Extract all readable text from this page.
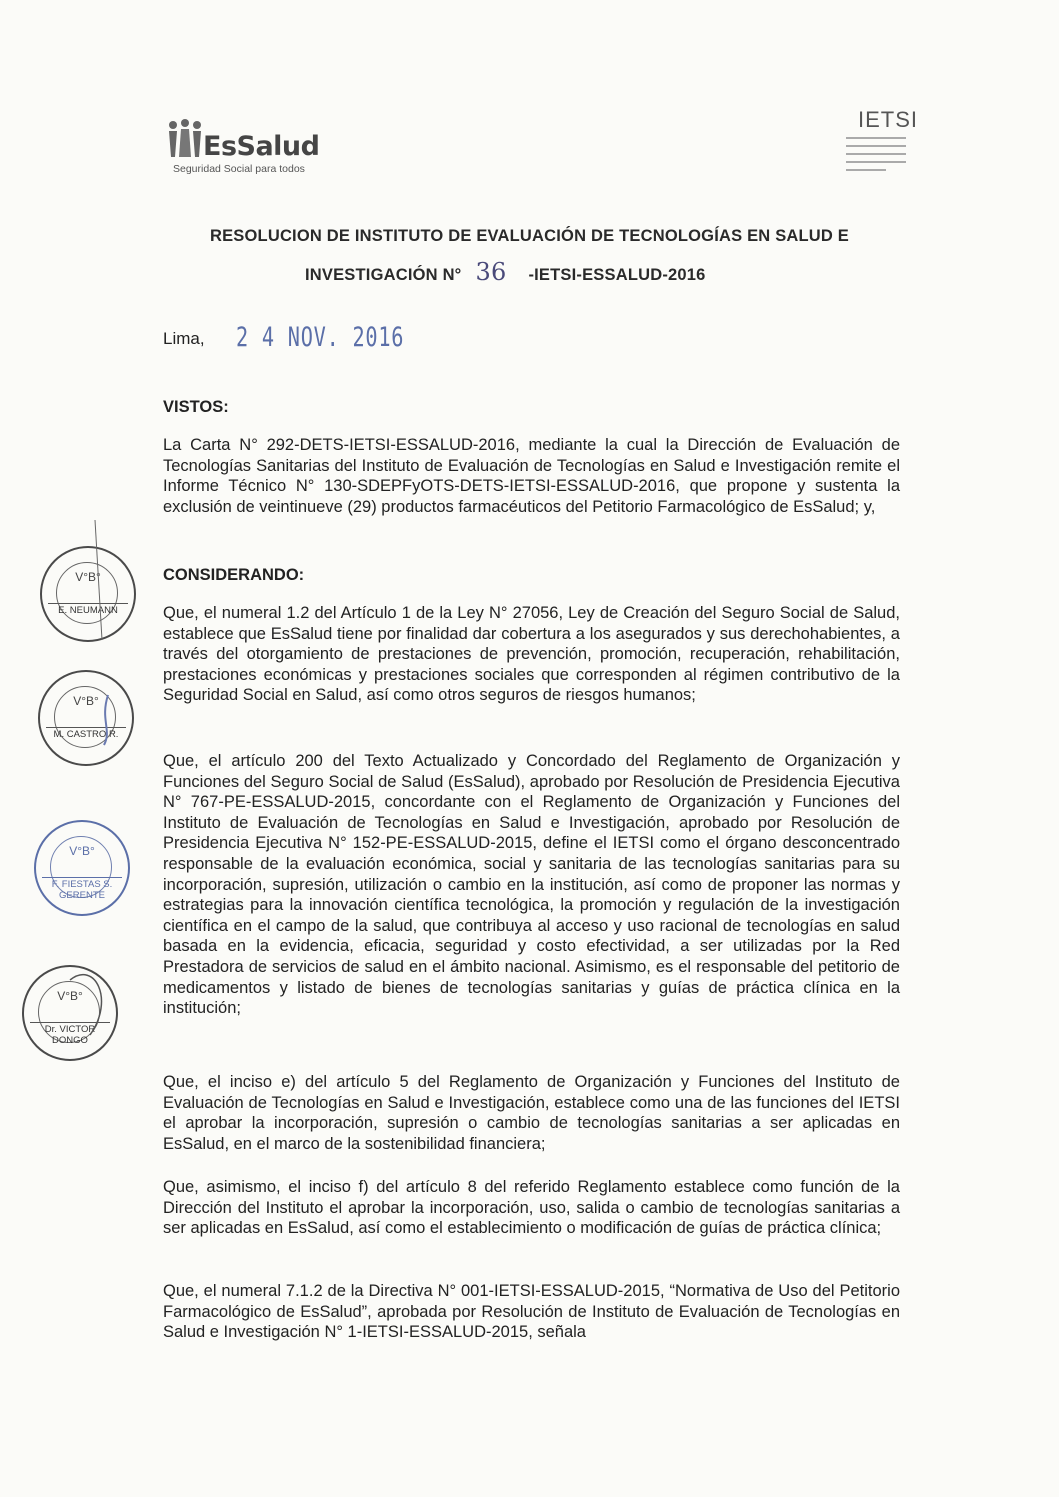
EsSalud
Seguridad Social para todos
IETSI
RESOLUCION DE INSTITUTO DE EVALUACIÓN DE TECNOLOGÍAS EN SALUD E
INVESTIGACIÓN N° 36 -IETSI-ESSALUD-2016
Lima, 2 4 NOV. 2016
VISTOS:
La Carta N° 292-DETS-IETSI-ESSALUD-2016, mediante la cual la Dirección de Evaluación de Tecnologías Sanitarias del Instituto de Evaluación de Tecnologías en Salud e Investigación remite el Informe Técnico N° 130-SDEPFyOTS-DETS-IETSI-ESSALUD-2016, que propone y sustenta la exclusión de veintinueve (29) productos farmacéuticos del Petitorio Farmacológico de EsSalud; y,
CONSIDERANDO:
Que, el numeral 1.2 del Artículo 1 de la Ley N° 27056, Ley de Creación del Seguro Social de Salud, establece que EsSalud tiene por finalidad dar cobertura a los asegurados y sus derechohabientes, a través del otorgamiento de prestaciones de prevención, promoción, recuperación, rehabilitación, prestaciones económicas y prestaciones sociales que corresponden al régimen contributivo de la Seguridad Social en Salud, así como otros seguros de riesgos humanos;
Que, el artículo 200 del Texto Actualizado y Concordado del Reglamento de Organización y Funciones del Seguro Social de Salud (EsSalud), aprobado por Resolución de Presidencia Ejecutiva N° 767-PE-ESSALUD-2015, concordante con el Reglamento de Organización y Funciones del Instituto de Evaluación de Tecnologías en Salud e Investigación, aprobado por Resolución de Presidencia Ejecutiva N° 152-PE-ESSALUD-2015, define el IETSI como el órgano desconcentrado responsable de la evaluación económica, social y sanitaria de las tecnologías sanitarias para su incorporación, supresión, utilización o cambio en la institución, así como de proponer las normas y estrategias para la innovación científica tecnológica, la promoción y regulación de la investigación científica en el campo de la salud, que contribuya al acceso y uso racional de tecnologías en salud basada en la evidencia, eficacia, seguridad y costo efectividad, a ser utilizadas por la Red Prestadora de servicios de salud en el ámbito nacional. Asimismo, es el responsable del petitorio de medicamentos y listado de bienes de tecnologías sanitarias y guías de práctica clínica en la institución;
Que, el inciso e) del artículo 5 del Reglamento de Organización y Funciones del Instituto de Evaluación de Tecnologías en Salud e Investigación, establece como una de las funciones del IETSI el aprobar la incorporación, supresión o cambio de tecnologías sanitarias a ser aplicadas en EsSalud, en el marco de la sostenibilidad financiera;
Que, asimismo, el inciso f) del artículo 8 del referido Reglamento establece como función de la Dirección del Instituto el aprobar la incorporación, uso, salida o cambio de tecnologías sanitarias a ser aplicadas en EsSalud, así como el establecimiento o modificación de guías de práctica clínica;
Que, el numeral 7.1.2 de la Directiva N° 001-IETSI-ESSALUD-2015, “Normativa de Uso del Petitorio Farmacológico de EsSalud”, aprobada por Resolución de Instituto de Evaluación de Tecnologías en Salud e Investigación N° 1-IETSI-ESSALUD-2015, señala
V°B°
E. NEUMANN
V°B°
M. CASTRO R.
V°B°
F. FIESTAS S. GERENTE
V°B°
Dr. VICTOR DONGO
